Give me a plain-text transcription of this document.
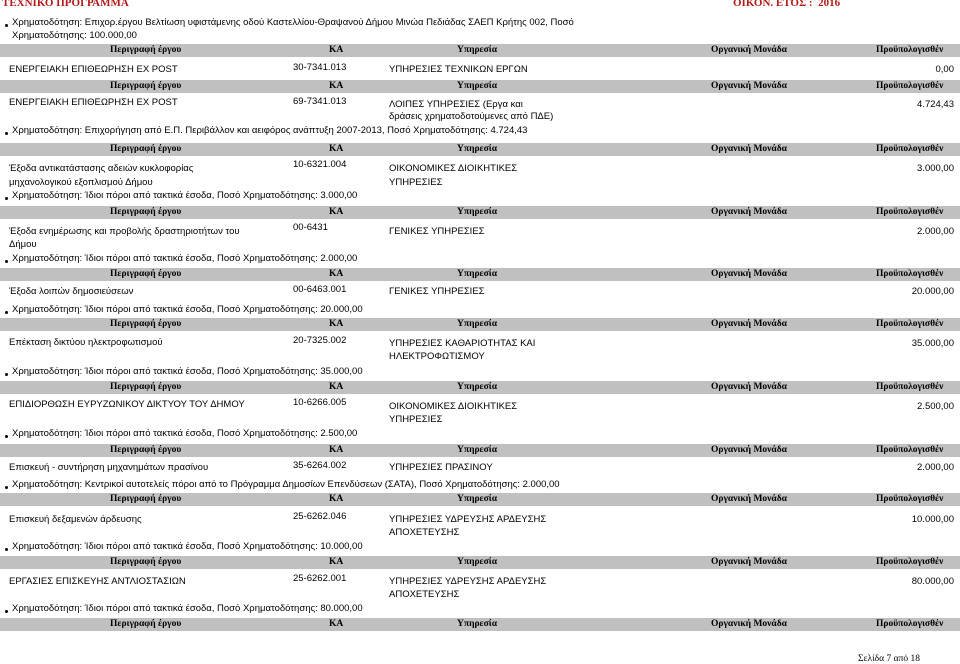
ΤΕΧΝΙΚΟ ΠΡΟΓΡΑΜΜΑ	ΟΙΚΟΝ. ΕΤΟΣ : 2016
Χρηματοδότηση: Επιχορ.έργου Βελτίωση υφιστάμενης οδού Καστελλίου-Θραψανού Δήμου Μινώα Πεδιάδας ΣΑΕΠ Κρήτης 002, Ποσό
Χρηματοδότησης: 100.000,00
Περιγραφή έργου	ΚΑ	Υπηρεσία	Οργανική Μονάδα	Προϋπολογισθέν
ΕΝΕΡΓΕΙΑΚΗ ΕΠΙΘΕΩΡΗΣΗ ΕΧ POST	30-7341.013	ΥΠΗΡΕΣΙΕΣ ΤΕΧΝΙΚΩΝ ΕΡΓΩΝ	0,00
Περιγραφή έργου	ΚΑ	Υπηρεσία	Οργανική Μονάδα	Προϋπολογισθέν
ΕΝΕΡΓΕΙΑΚΗ ΕΠΙΘΕΩΡΗΣΗ ΕΧ POST	69-7341.013	ΛΟΙΠΕΣ ΥΠΗΡΕΣΙΕΣ (Εργα και
δράσεις χρηματοδοτούμενες από ΠΔΕ)
4.724,43
Χρηματοδότηση: Επιχορήγηση από Ε.Π. Περιβάλλον και αειφόρος ανάπτυξη 2007-2013, Ποσό Χρηματοδότησης: 4.724,43
Περιγραφή έργου	ΚΑ	Υπηρεσία	Οργανική Μονάδα	Προϋπολογισθέν
Έξοδα αντικατάστασης αδειών κυκλοφορίας
μηχανολογικού εξοπλισμού Δήμου
10-6321.004	ΟΙΚΟΝΟΜΙΚΕΣ ΔΙΟΙΚΗΤΙΚΕΣ
ΥΠΗΡΕΣΙΕΣ
3.000,00
Χρηματοδότηση: Ίδιοι πόροι από τακτικά έσοδα, Ποσό Χρηματοδότησης: 3.000,00
Περιγραφή έργου	ΚΑ	Υπηρεσία	Οργανική Μονάδα	Προϋπολογισθέν
Έξοδα ενημέρωσης και προβολής δραστηριοτήτων του
Δήμου
00-6431	ΓΕΝΙΚΕΣ ΥΠΗΡΕΣΙΕΣ	2.000,00
Χρηματοδότηση: Ίδιοι πόροι από τακτικά έσοδα, Ποσό Χρηματοδότησης: 2.000,00
Περιγραφή έργου	ΚΑ	Υπηρεσία	Οργανική Μονάδα	Προϋπολογισθέν
Έξοδα λοιπών δημοσιεύσεων	00-6463.001	ΓΕΝΙΚΕΣ ΥΠΗΡΕΣΙΕΣ	20.000,00
Χρηματοδότηση: Ίδιοι πόροι από τακτικά έσοδα, Ποσό Χρηματοδότησης: 20.000,00
Περιγραφή έργου	ΚΑ	Υπηρεσία	Οργανική Μονάδα	Προϋπολογισθέν
Επέκταση δικτύου ηλεκτροφωτισμού	20-7325.002	ΥΠΗΡΕΣΙΕΣ ΚΑΘΑΡΙΟΤΗΤΑΣ ΚΑΙ
ΗΛΕΚΤΡΟΦΩΤΙΣΜΟΥ
35.000,00
Χρηματοδότηση: Ίδιοι πόροι από τακτικά έσοδα, Ποσό Χρηματοδότησης: 35.000,00
Περιγραφή έργου	ΚΑ	Υπηρεσία	Οργανική Μονάδα	Προϋπολογισθέν
ΕΠΙΔΙΟΡΘΩΣΗ ΕΥΡΥΖΩΝΙΚΟΥ ΔΙΚΤΥΟΥ ΤΟΥ ΔΗΜΟΥ	10-6266.005	ΟΙΚΟΝΟΜΙΚΕΣ ΔΙΟΙΚΗΤΙΚΕΣ
ΥΠΗΡΕΣΙΕΣ
2.500,00
Χρηματοδότηση: Ίδιοι πόροι από τακτικά έσοδα, Ποσό Χρηματοδότησης: 2.500,00
Περιγραφή έργου	ΚΑ	Υπηρεσία	Οργανική Μονάδα	Προϋπολογισθέν
Επισκευή - συντήρηση μηχανημάτων πρασίνου	35-6264.002	ΥΠΗΡΕΣΙΕΣ ΠΡΑΣΙΝΟΥ	2.000,00
Χρηματοδότηση: Κεντρικοί αυτοτελείς πόροι από το Πρόγραμμα Δημοσίων Επενδύσεων (ΣΑΤΑ), Ποσό Χρηματοδότησης: 2.000,00
Περιγραφή έργου	ΚΑ	Υπηρεσία	Οργανική Μονάδα	Προϋπολογισθέν
Επισκευή δεξαμενών άρδευσης	25-6262.046	ΥΠΗΡΕΣΙΕΣ ΥΔΡΕΥΣΗΣ ΑΡΔΕΥΣΗΣ
ΑΠΟΧΕΤΕΥΣΗΣ
10.000,00
Χρηματοδότηση: Ίδιοι πόροι από τακτικά έσοδα, Ποσό Χρηματοδότησης: 10.000,00
Περιγραφή έργου	ΚΑ	Υπηρεσία	Οργανική Μονάδα	Προϋπολογισθέν
ΕΡΓΑΣΙΕΣ ΕΠΙΣΚΕΥΗΣ ΑΝΤΛΙΟΣΤΑΣΙΩΝ	25-6262.001	ΥΠΗΡΕΣΙΕΣ ΥΔΡΕΥΣΗΣ ΑΡΔΕΥΣΗΣ
ΑΠΟΧΕΤΕΥΣΗΣ
80.000,00
Χρηματοδότηση: Ίδιοι πόροι από τακτικά έσοδα, Ποσό Χρηματοδότησης: 80.000,00
Περιγραφή έργου	ΚΑ	Υπηρεσία	Οργανική Μονάδα	Προϋπολογισθέν
Σελίδα 7 από 18
